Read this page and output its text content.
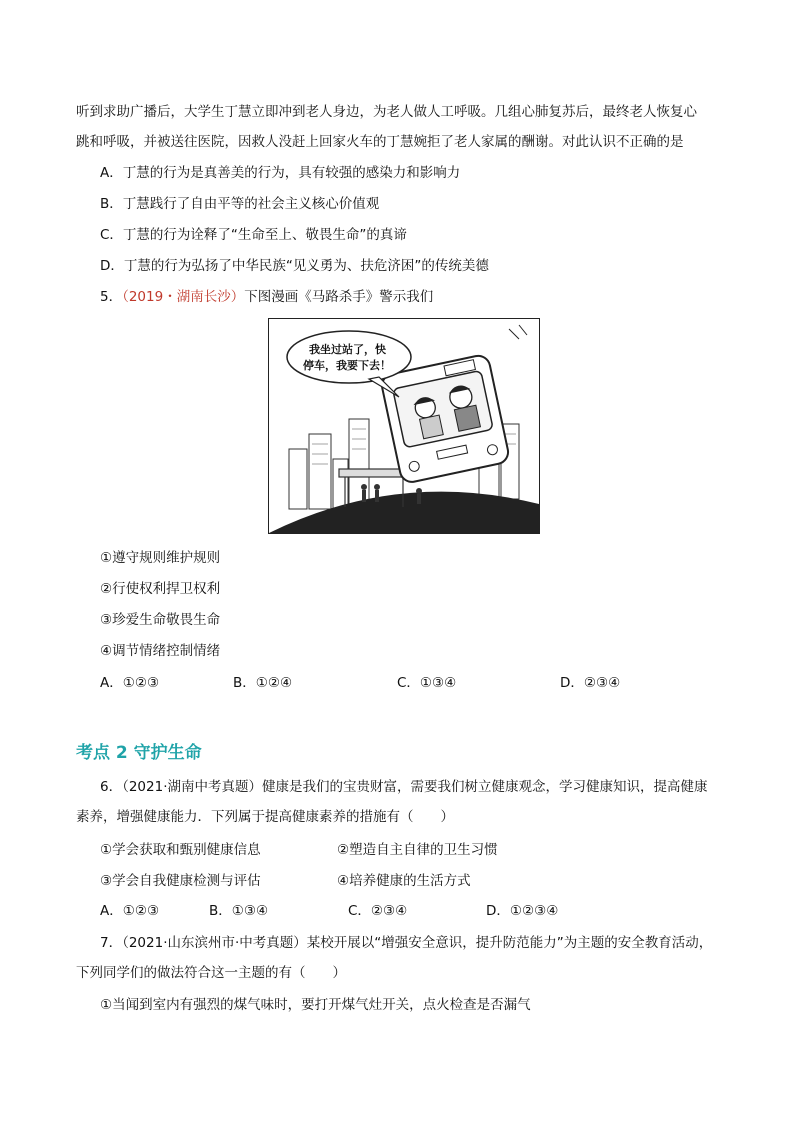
听到求助广播后，大学生丁慧立即冲到老人身边，为老人做人工呼吸。几组心肺复苏后，最终老人恢复心
跳和呼吸，并被送往医院，因救人没赶上回家火车的丁慧婉拒了老人家属的酬谢。对此认识不正确的是
A．丁慧的行为是真善美的行为，具有较强的感染力和影响力
B．丁慧践行了自由平等的社会主义核心价值观
C．丁慧的行为诠释了“生命至上、敬畏生命”的真谛
D．丁慧的行为弘扬了中华民族“见义勇为、扶危济困”的传统美德
5．（2019・湖南长沙）下图漫画《马路杀手》警示我们
我坐过站了，快
停车，我要下去！
①遵守规则维护规则
②行使权利捍卫权利
③珍爱生命敬畏生命
④调节情绪控制情绪
A．①②③	B．①②④	C．①③④	D．②③④
考点 2 守护生命
6．（2021·湖南中考真题）健康是我们的宝贵财富，需要我们树立健康观念，学习健康知识，提高健康
素养，增强健康能力．下列属于提高健康素养的措施有（　　）
①学会获取和甄别健康信息	②塑造自主自律的卫生习惯
③学会自我健康检测与评估	④培养健康的生活方式
A．①②③	B．①③④	C．②③④	D．①②③④
7．（2021·山东滨州市·中考真题）某校开展以“增强安全意识，提升防范能力”为主题的安全教育活动，
下列同学们的做法符合这一主题的有（　　）
①当闻到室内有强烈的煤气味时，要打开煤气灶开关，点火检查是否漏气
